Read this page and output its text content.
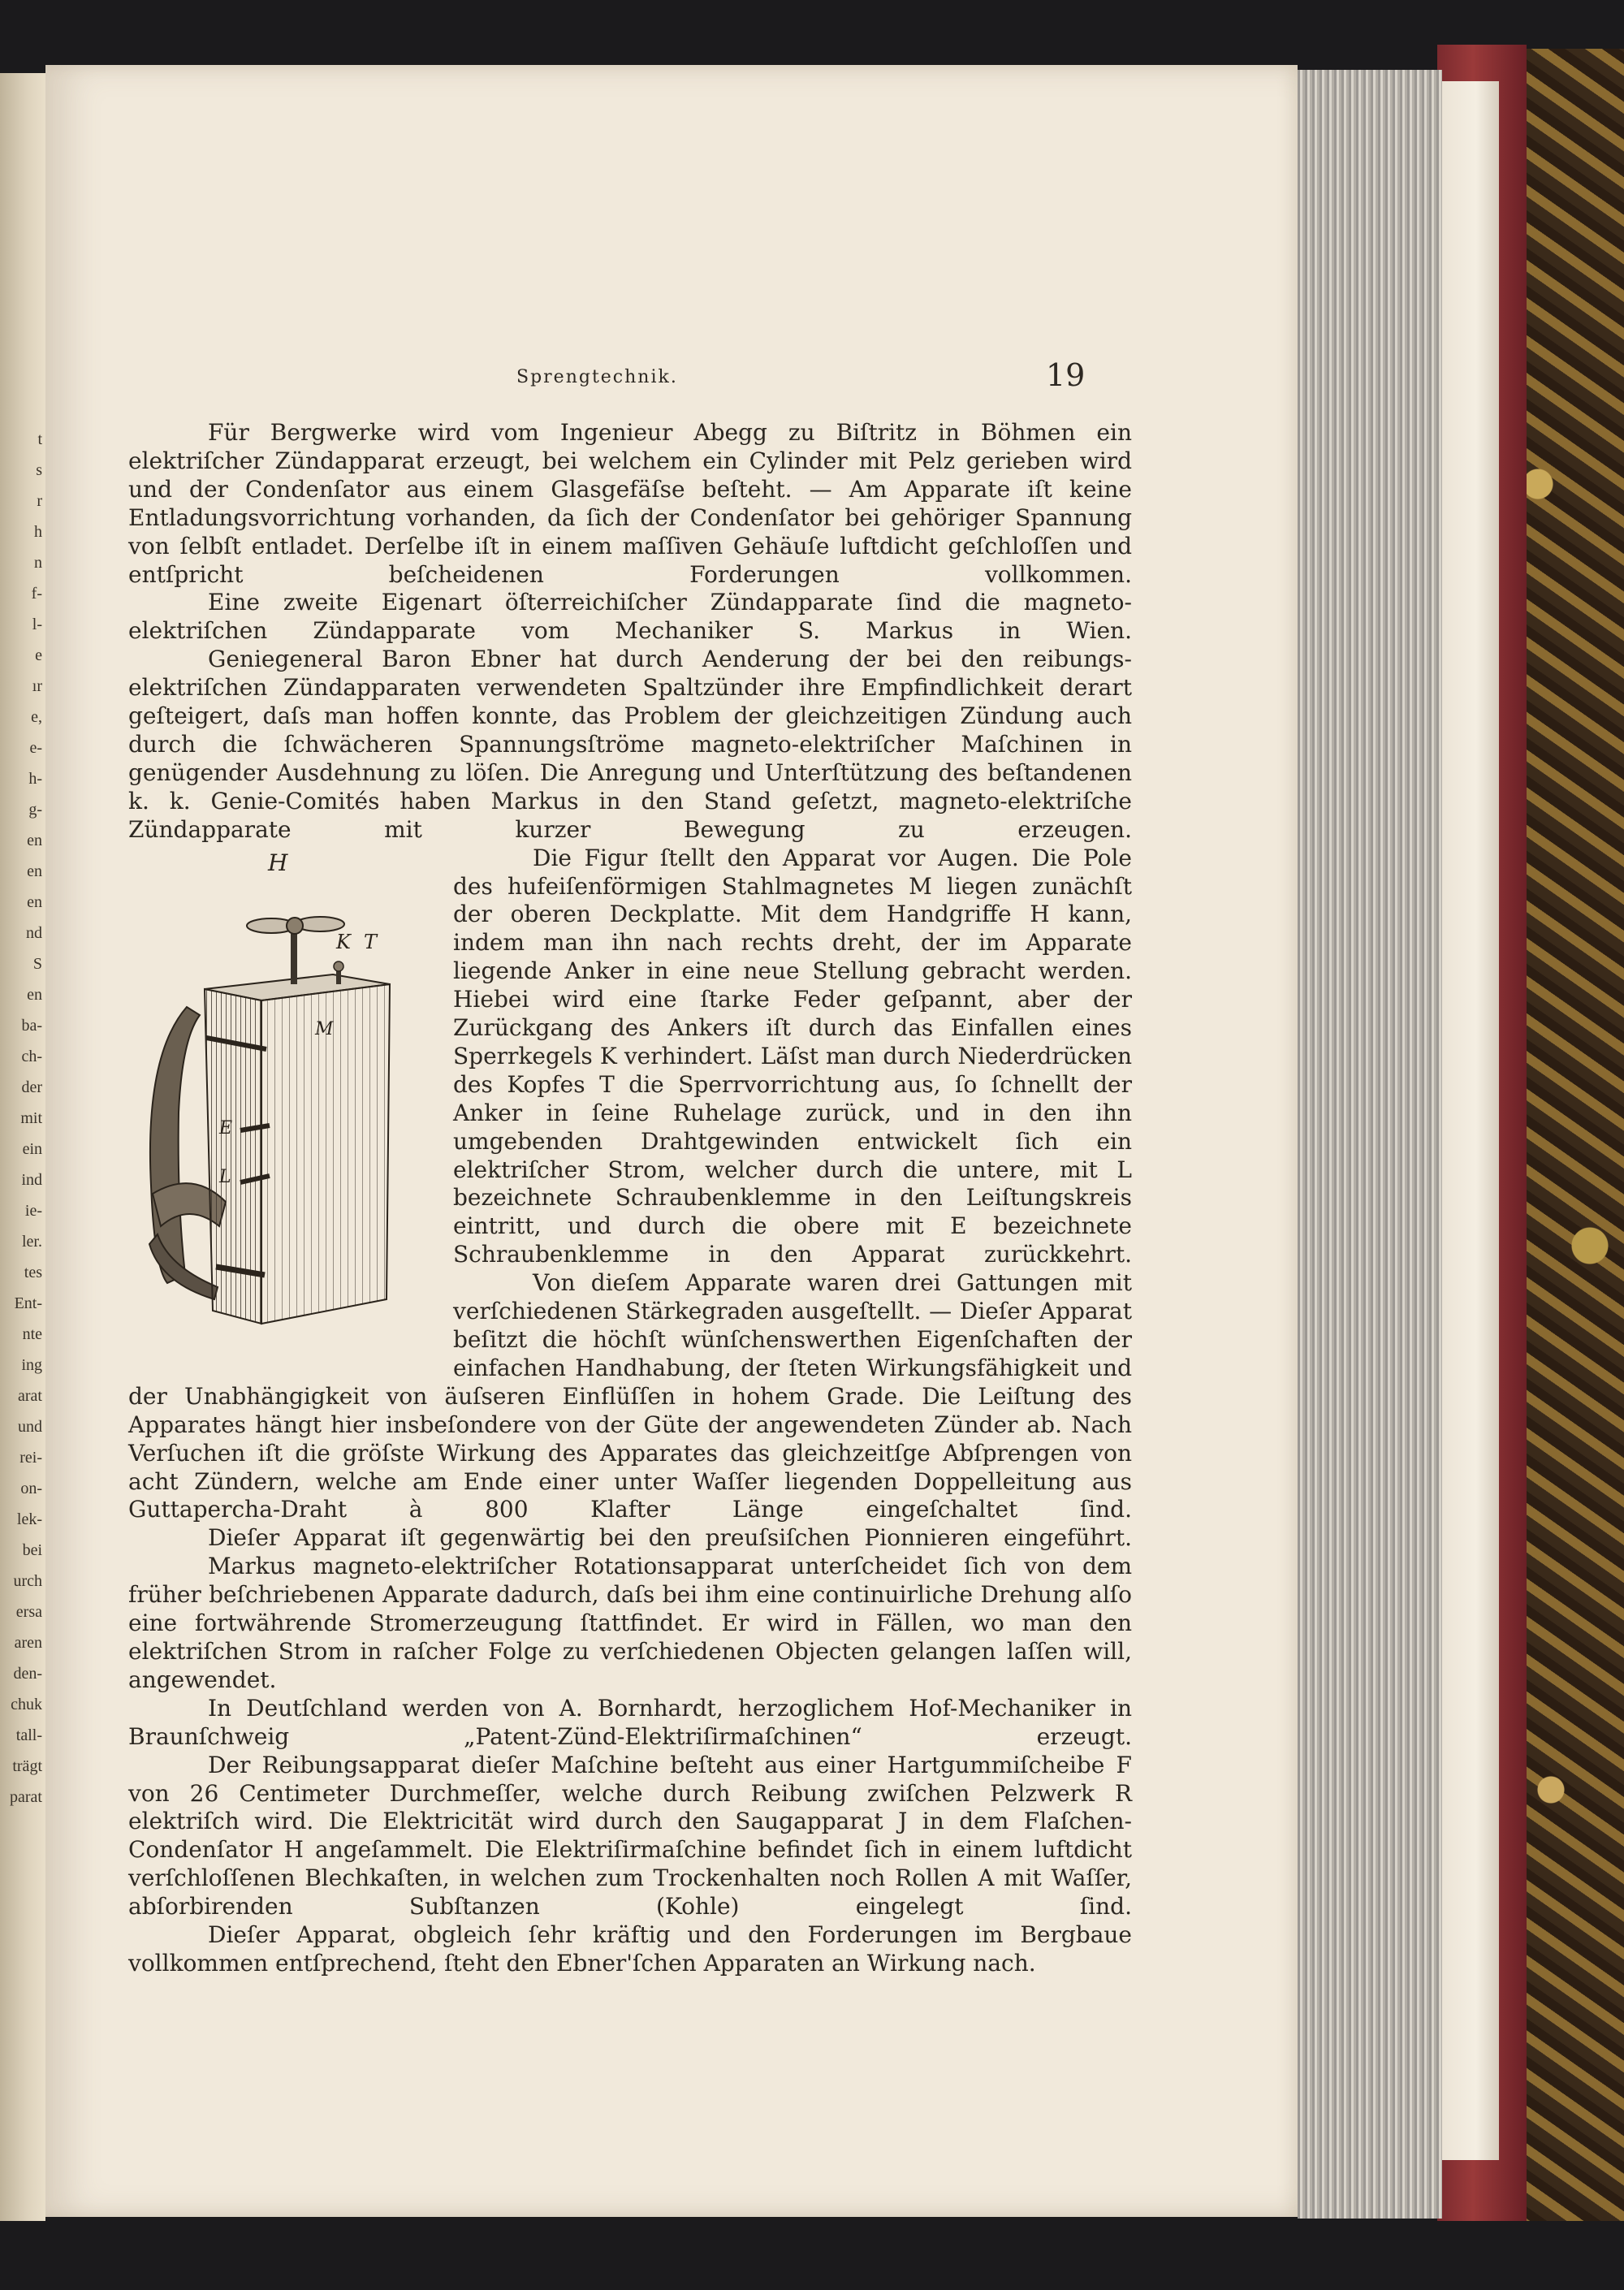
t
s
r
h
n
f-
l-
e
ır
e,
e-
h-
g-
en
en
en
nd
S
en
ba-
ch-
der
mit
ein
ind
ie-
ler.
tes
Ent-
nte
ing
arat
und
rei-
on-
lek-
bei
urch
ersa
aren
den-
chuk
tall-
trägt
parat
Sprengtechnik.	19

Für Bergwerke wird vom Ingenieur Abegg zu Biſtritz in Böhmen ein elektriſcher Zündapparat erzeugt, bei welchem ein Cylinder mit Pelz gerieben wird und der Condenſator aus einem Glasgefäſse beſteht. — Am Apparate iſt keine Entladungsvorrichtung vorhanden, da ſich der Condenſator bei gehöriger Spannung von ſelbſt entladet. Derſelbe iſt in einem maſſiven Gehäuſe luftdicht geſchloſſen und entſpricht beſcheidenen Forderungen vollkommen.

Eine zweite Eigenart öſterreichiſcher Zündapparate ſind die magneto-elektriſchen Zündapparate vom Mechaniker S. Markus in Wien.

Geniegeneral Baron Ebner hat durch Aenderung der bei den reibungs-elektriſchen Zündapparaten verwendeten Spaltzünder ihre Empfindlichkeit derart geſteigert, daſs man hoffen konnte, das Problem der gleichzeitigen Zündung auch durch die ſchwächeren Spannungsſtröme magneto-elektriſcher Maſchinen in genügender Ausdehnung zu löſen. Die Anregung und Unterſtützung des beſtandenen k. k. Genie-Comités haben Markus in den Stand geſetzt, magneto-elektriſche Zündapparate mit kurzer Bewegung zu erzeugen.

H
K T
M
E
L

Die Figur ſtellt den Apparat vor Augen. Die Pole des hufeiſenförmigen Stahlmagnetes M liegen zunächſt der oberen Deckplatte. Mit dem Handgriffe H kann, indem man ihn nach rechts dreht, der im Apparate liegende Anker in eine neue Stellung gebracht werden. Hiebei wird eine ſtarke Feder geſpannt, aber der Zurückgang des Ankers iſt durch das Einfallen eines Sperrkegels K verhindert. Läſst man durch Niederdrücken des Kopfes T die Sperrvorrichtung aus, ſo ſchnellt der Anker in ſeine Ruhelage zurück, und in den ihn umgebenden Drahtgewinden entwickelt ſich ein elektriſcher Strom, welcher durch die untere, mit L bezeichnete Schraubenklemme in den Leiſtungskreis eintritt, und durch die obere mit E bezeichnete Schraubenklemme in den Apparat zurückkehrt.

Von dieſem Apparate waren drei Gattungen mit verſchiedenen Stärkegraden ausgeſtellt. — Dieſer Apparat beſitzt die höchſt wünſchenswerthen Eigenſchaften der einfachen Handhabung, der ſteten Wirkungsfähigkeit und der Unabhängigkeit von äuſseren Einflüſſen in hohem Grade. Die Leiſtung des Apparates hängt hier insbeſondere von der Güte der angewendeten Zünder ab. Nach Verſuchen iſt die gröſste Wirkung des Apparates das gleichzeitſge Abſprengen von acht Zündern, welche am Ende einer unter Waſſer liegenden Doppelleitung aus Guttapercha-Draht à 800 Klafter Länge eingeſchaltet ſind.

Dieſer Apparat iſt gegenwärtig bei den preuſsiſchen Pionnieren eingeführt.

Markus magneto-elektriſcher Rotationsapparat unterſcheidet ſich von dem früher beſchriebenen Apparate dadurch, daſs bei ihm eine continuirliche Drehung alſo eine fortwährende Stromerzeugung ſtattfindet. Er wird in Fällen, wo man den elektriſchen Strom in raſcher Folge zu verſchiedenen Objecten gelangen laſſen will, angewendet.

In Deutſchland werden von A. Bornhardt, herzoglichem Hof-Mechaniker in Braunſchweig „Patent-Zünd-Elektriſirmaſchinen“ erzeugt.

Der Reibungsapparat dieſer Maſchine beſteht aus einer Hartgummiſcheibe F von 26 Centimeter Durchmeſſer, welche durch Reibung zwiſchen Pelzwerk R elektriſch wird. Die Elektricität wird durch den Saugapparat J in dem Flaſchen-Condenſator H angeſammelt. Die Elektriſirmaſchine befindet ſich in einem luftdicht verſchloſſenen Blechkaſten, in welchen zum Trockenhalten noch Rollen A mit Waſſer, abſorbirenden Subſtanzen (Kohle) eingelegt ſind.

Dieſer Apparat, obgleich ſehr kräftig und den Forderungen im Bergbaue vollkommen entſprechend, ſteht den Ebner'ſchen Apparaten an Wirkung nach.
